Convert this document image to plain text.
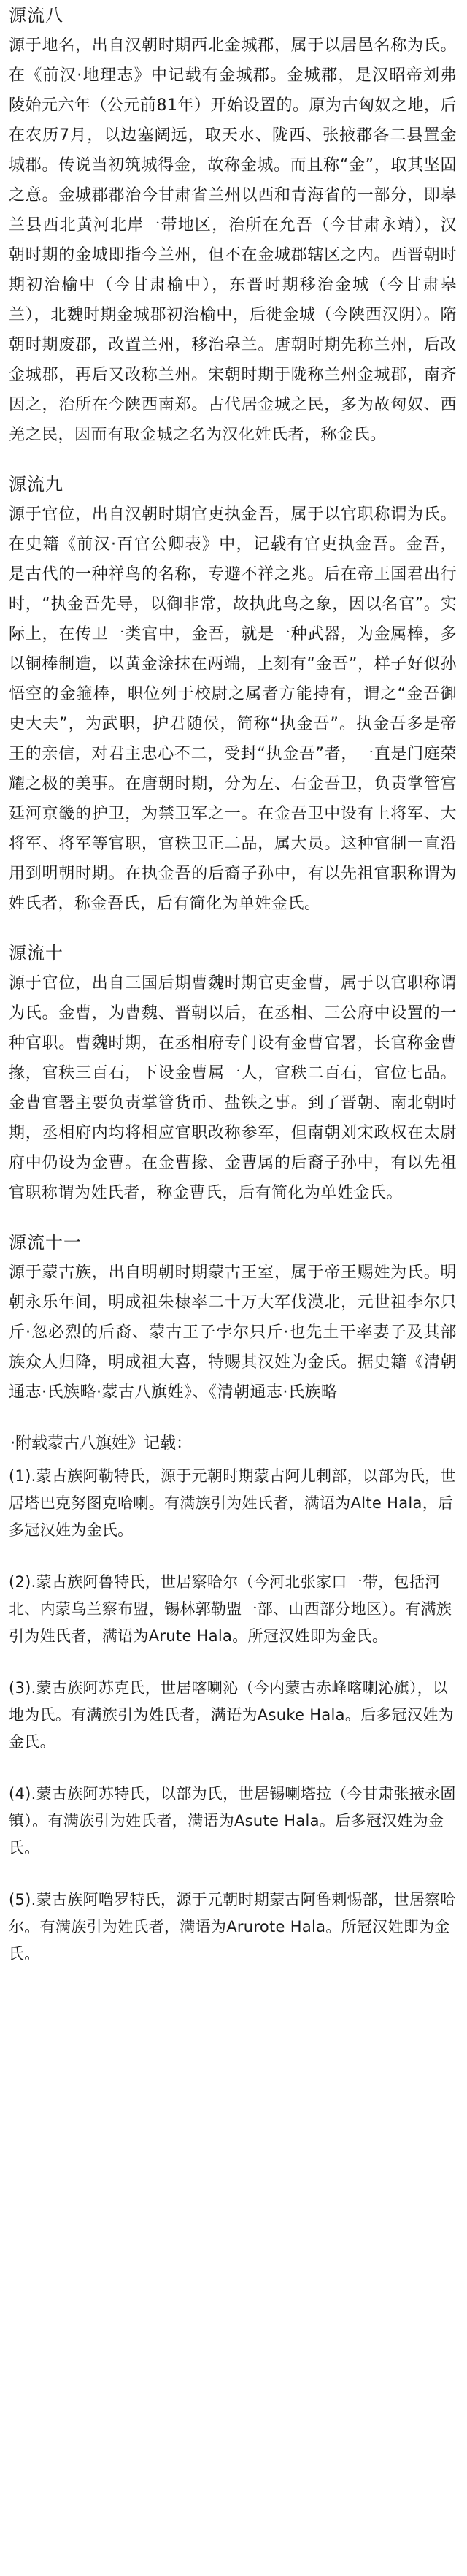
源流八

源于地名，出自汉朝时期西北金城郡，属于以居邑名称为氏。在《前汉·地理志》中记载有金城郡。金城郡，是汉昭帝刘弗陵始元六年（公元前81年）开始设置的。原为古匈奴之地，后在农历7月，以边塞阔远，取天水、陇西、张掖郡各二县置金城郡。传说当初筑城得金，故称金城。而且称“金”，取其坚固之意。金城郡郡治今甘肃省兰州以西和青海省的一部分，即皋兰县西北黄河北岸一带地区，治所在允吾（今甘肃永靖），汉朝时期的金城即指今兰州，但不在金城郡辖区之内。西晋朝时期初治榆中（今甘肃榆中），东晋时期移治金城（今甘肃皋兰），北魏时期金城郡初治榆中，后徙金城（今陕西汉阴）。隋朝时期废郡，改置兰州，移治皋兰。唐朝时期先称兰州，后改金城郡，再后又改称兰州。宋朝时期于陇称兰州金城郡，南齐因之，治所在今陕西南郑。古代居金城之民，多为故匈奴、西羌之民，因而有取金城之名为汉化姓氏者，称金氏。

源流九

源于官位，出自汉朝时期官吏执金吾，属于以官职称谓为氏。在史籍《前汉·百官公卿表》中，记载有官吏执金吾。金吾，是古代的一种祥鸟的名称，专避不祥之兆。后在帝王国君出行时，“执金吾先导，以御非常，故执此鸟之象，因以名官”。实际上，在传卫一类官中，金吾，就是一种武器，为金属棒，多以铜棒制造，以黄金涂抹在两端，上刻有“金吾”，样子好似孙悟空的金箍棒，职位列于校尉之属者方能持有，谓之“金吾御史大夫”，为武职，护君随侯，简称“执金吾”。执金吾多是帝王的亲信，对君主忠心不二，受封“执金吾”者，一直是门庭荣耀之极的美事。在唐朝时期，分为左、右金吾卫，负责掌管宫廷河京畿的护卫，为禁卫军之一。在金吾卫中设有上将军、大将军、将军等官职，官秩卫正二品，属大员。这种官制一直沿用到明朝时期。在执金吾的后裔子孙中，有以先祖官职称谓为姓氏者，称金吾氏，后有简化为单姓金氏。

源流十

源于官位，出自三国后期曹魏时期官吏金曹，属于以官职称谓为氏。金曹，为曹魏、晋朝以后，在丞相、三公府中设置的一种官职。曹魏时期，在丞相府专门设有金曹官署，长官称金曹掾，官秩三百石，下设金曹属一人，官秩二百石，官位七品。金曹官署主要负责掌管货币、盐铁之事。到了晋朝、南北朝时期，丞相府内均将相应官职改称参军，但南朝刘宋政权在太尉府中仍设为金曹。在金曹掾、金曹属的后裔子孙中，有以先祖官职称谓为姓氏者，称金曹氏，后有简化为单姓金氏。

源流十一

源于蒙古族，出自明朝时期蒙古王室，属于帝王赐姓为氏。明朝永乐年间，明成祖朱棣率二十万大军伐漠北，元世祖李尔只斤·忽必烈的后裔、蒙古王子孛尔只斤·也先土干率妻子及其部族众人归降，明成祖大喜，特赐其汉姓为金氏。据史籍《清朝通志·氏族略·蒙古八旗姓》、《清朝通志·氏族略

·附载蒙古八旗姓》记载：

(1).蒙古族阿勒特氏，源于元朝时期蒙古阿儿剌部，以部为氏，世居塔巴克努图克哈喇。有满族引为姓氏者，满语为Alte Hala，后多冠汉姓为金氏。

(2).蒙古族阿鲁特氏，世居察哈尔（今河北张家口一带，包括河北、内蒙乌兰察布盟，锡林郭勒盟一部、山西部分地区）。有满族引为姓氏者，满语为Arute Hala。所冠汉姓即为金氏。

(3).蒙古族阿苏克氏，世居喀喇沁（今内蒙古赤峰喀喇沁旗），以地为氏。有满族引为姓氏者，满语为Asuke Hala。后多冠汉姓为金氏。

(4).蒙古族阿苏特氏，以部为氏，世居锡喇塔拉（今甘肃张掖永固镇）。有满族引为姓氏者，满语为Asute Hala。后多冠汉姓为金氏。

(5).蒙古族阿噜罗特氏，源于元朝时期蒙古阿鲁剌惕部，世居察哈尔。有满族引为姓氏者，满语为Arurote Hala。所冠汉姓即为金氏。
